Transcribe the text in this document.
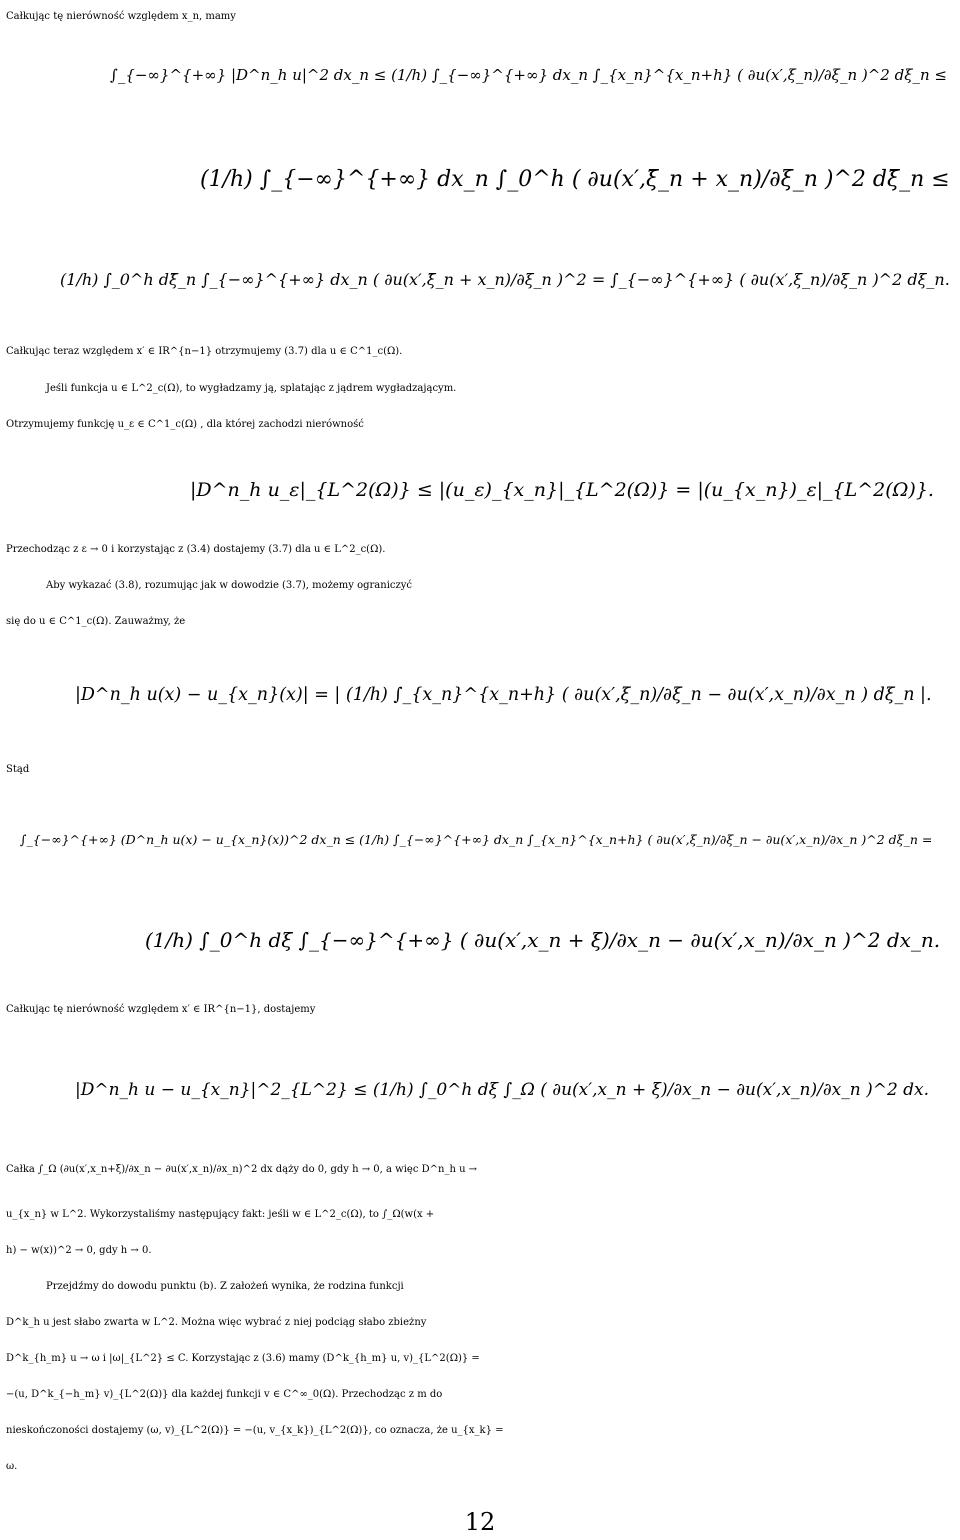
Całkując tę nierówność względem x_n, mamy
∫_{−∞}^{+∞} |D^n_h u|^2 dx_n ≤ (1/h) ∫_{−∞}^{+∞} dx_n ∫_{x_n}^{x_n+h} ( ∂u(x′,ξ_n)/∂ξ_n )^2 dξ_n ≤
(1/h) ∫_{−∞}^{+∞} dx_n ∫_0^h ( ∂u(x′,ξ̄_n + x_n)/∂ξ_n )^2 dξ̄_n ≤
(1/h) ∫_0^h dξ̄_n ∫_{−∞}^{+∞} dx_n ( ∂u(x′,ξ̄_n + x_n)/∂ξ_n )^2 = ∫_{−∞}^{+∞} ( ∂u(x′,ξ_n)/∂ξ_n )^2 dξ_n.
Całkując teraz względem x′ ∈ IR^{n−1} otrzymujemy (3.7) dla u ∈ C^1_c(Ω).
Jeśli funkcja u ∈ L^2_c(Ω), to wygładzamy ją, splatając z jądrem wygładzającym.
Otrzymujemy funkcję u_ε ∈ C^1_c(Ω) , dla której zachodzi nierówność
|D^n_h u_ε|_{L^2(Ω)} ≤ |(u_ε)_{x_n}|_{L^2(Ω)} = |(u_{x_n})_ε|_{L^2(Ω)}.
Przechodząc z ε → 0 i korzystając z (3.4) dostajemy (3.7) dla u ∈ L^2_c(Ω).
Aby wykazać (3.8), rozumując jak w dowodzie (3.7), możemy ograniczyć
się do u ∈ C^1_c(Ω). Zauważmy, że
|D^n_h u(x) − u_{x_n}(x)| = | (1/h) ∫_{x_n}^{x_n+h} ( ∂u(x′,ξ_n)/∂ξ_n − ∂u(x′,x_n)/∂x_n ) dξ_n |.
Stąd
∫_{−∞}^{+∞} (D^n_h u(x) − u_{x_n}(x))^2 dx_n ≤ (1/h) ∫_{−∞}^{+∞} dx_n ∫_{x_n}^{x_n+h} ( ∂u(x′,ξ_n)/∂ξ_n − ∂u(x′,x_n)/∂x_n )^2 dξ_n =
(1/h) ∫_0^h dξ ∫_{−∞}^{+∞} ( ∂u(x′,x_n + ξ)/∂x_n − ∂u(x′,x_n)/∂x_n )^2 dx_n.
Całkując tę nierówność względem x′ ∈ IR^{n−1}, dostajemy
|D^n_h u − u_{x_n}|^2_{L^2} ≤ (1/h) ∫_0^h dξ ∫_Ω ( ∂u(x′,x_n + ξ)/∂x_n − ∂u(x′,x_n)/∂x_n )^2 dx.
Całka ∫_Ω (∂u(x′,x_n+ξ)/∂x_n − ∂u(x′,x_n)/∂x_n)^2 dx dąży do 0, gdy h → 0, a więc D^n_h u →
u_{x_n} w L^2. Wykorzystaliśmy następujący fakt: jeśli w ∈ L^2_c(Ω), to ∫_Ω(w(x +
h) − w(x))^2 → 0, gdy h → 0.
Przejdźmy do dowodu punktu (b). Z założeń wynika, że rodzina funkcji
D^k_h u jest słabo zwarta w L^2. Można więc wybrać z niej podciąg słabo zbieżny
D^k_{h_m} u → ω i |ω|_{L^2} ≤ C. Korzystając z (3.6) mamy (D^k_{h_m} u, v)_{L^2(Ω)} =
−(u, D^k_{−h_m} v)_{L^2(Ω)} dla każdej funkcji v ∈ C^∞_0(Ω). Przechodząc z m do
nieskończoności dostajemy (ω, v)_{L^2(Ω)} = −(u, v_{x_k})_{L^2(Ω)}, co oznacza, że u_{x_k} =
ω.
12
